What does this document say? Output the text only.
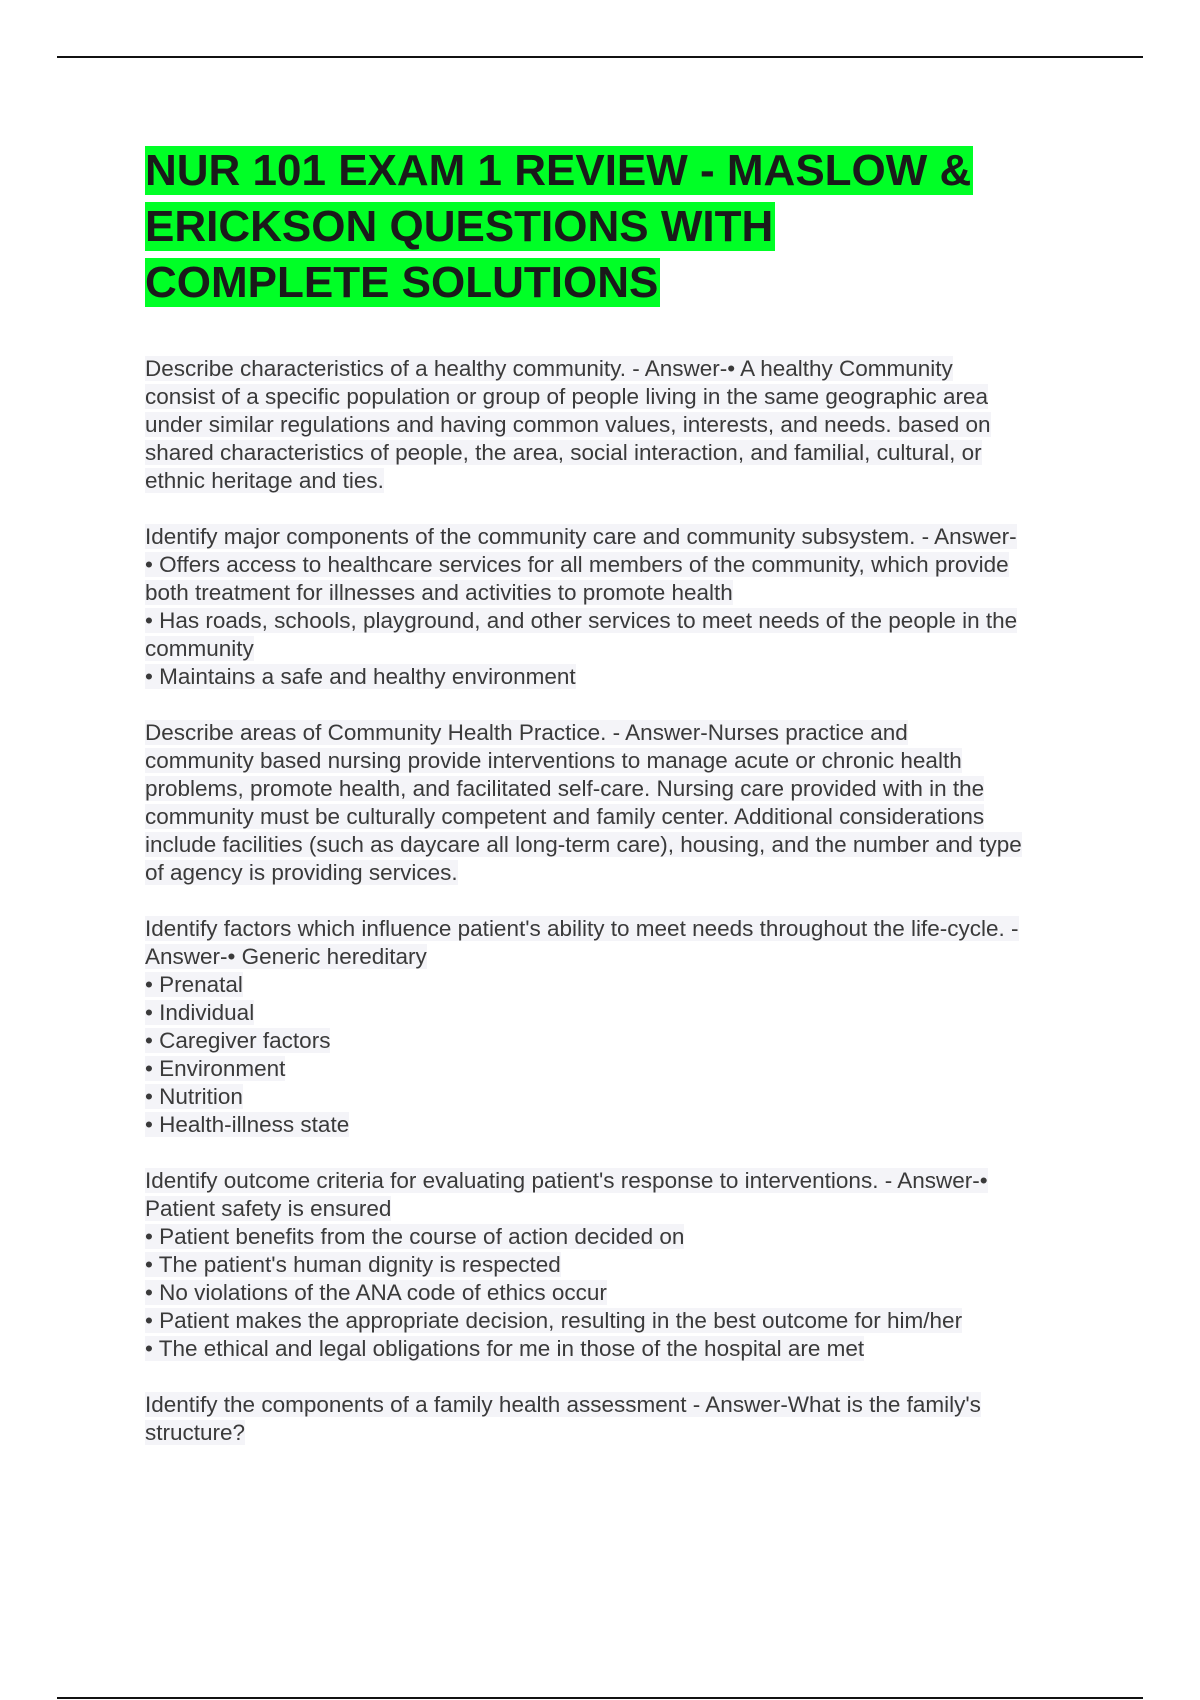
NUR 101 EXAM 1 REVIEW - MASLOW &
ERICKSON QUESTIONS WITH
COMPLETE SOLUTIONS
Describe characteristics of a healthy community. - Answer-• A healthy Community
consist of a specific population or group of people living in the same geographic area
under similar regulations and having common values, interests, and needs. based on
shared characteristics of people, the area, social interaction, and familial, cultural, or
ethnic heritage and ties.
Identify major components of the community care and community subsystem. - Answer-
• Offers access to healthcare services for all members of the community, which provide
both treatment for illnesses and activities to promote health
• Has roads, schools, playground, and other services to meet needs of the people in the
community
• Maintains a safe and healthy environment
Describe areas of Community Health Practice. - Answer-Nurses practice and
community based nursing provide interventions to manage acute or chronic health
problems, promote health, and facilitated self-care. Nursing care provided with in the
community must be culturally competent and family center. Additional considerations
include facilities (such as daycare all long-term care), housing, and the number and type
of agency is providing services.
Identify factors which influence patient's ability to meet needs throughout the life-cycle. -
Answer-• Generic hereditary
• Prenatal
• Individual
• Caregiver factors
• Environment
• Nutrition
• Health-illness state
Identify outcome criteria for evaluating patient's response to interventions. - Answer-•
Patient safety is ensured
• Patient benefits from the course of action decided on
• The patient's human dignity is respected
• No violations of the ANA code of ethics occur
• Patient makes the appropriate decision, resulting in the best outcome for him/her
• The ethical and legal obligations for me in those of the hospital are met
Identify the components of a family health assessment - Answer-What is the family's
structure?
